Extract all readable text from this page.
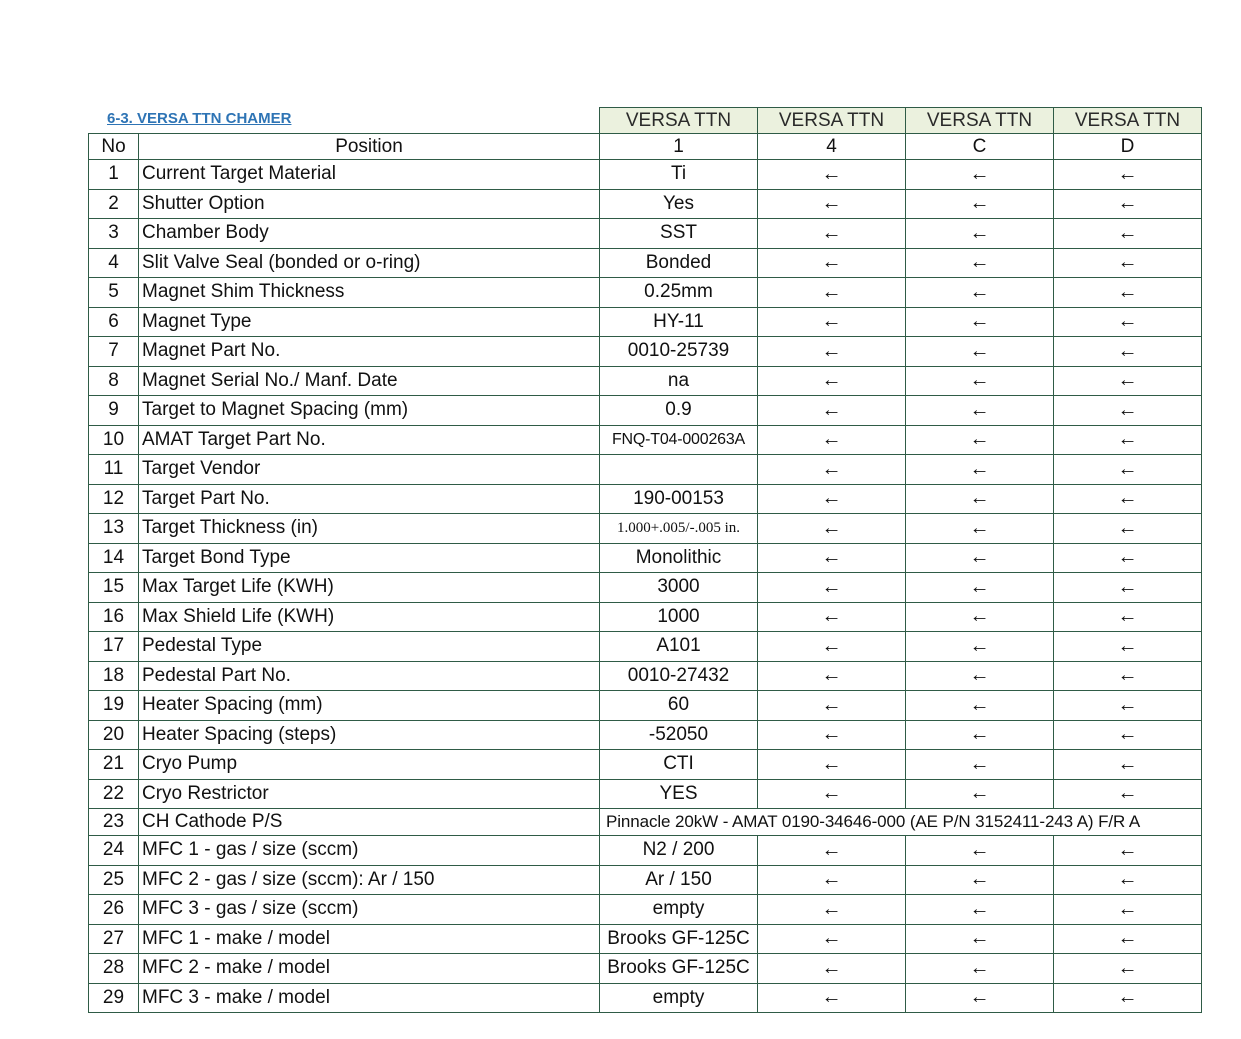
6-3. VERSA TTN CHAMER
			VERSA TTN	VERSA TTN	VERSA TTN	VERSA TTN
No	Position	1	4	C	D
1	Current Target Material	Ti	←	←	←
2	Shutter Option	Yes	←	←	←
3	Chamber Body	SST	←	←	←
4	Slit Valve Seal (bonded or o-ring)	Bonded	←	←	←
5	Magnet Shim Thickness	0.25mm	←	←	←
6	Magnet Type	HY-11	←	←	←
7	Magnet Part No.	0010-25739	←	←	←
8	Magnet Serial No./ Manf. Date	na	←	←	←
9	Target to Magnet Spacing (mm)	0.9	←	←	←
10	AMAT Target Part No.	FNQ-T04-000263A	←	←	←
11	Target Vendor		←	←	←
12	Target Part No.	190-00153	←	←	←
13	Target Thickness (in)	1.000+.005/-.005 in.	←	←	←
14	Target Bond Type	Monolithic	←	←	←
15	Max Target Life (KWH)	3000	←	←	←
16	Max Shield Life (KWH)	1000	←	←	←
17	Pedestal Type	A101	←	←	←
18	Pedestal Part No.	0010-27432	←	←	←
19	Heater Spacing (mm)	60	←	←	←
20	Heater Spacing (steps)	-52050	←	←	←
21	Cryo Pump	CTI	←	←	←
22	Cryo Restrictor	YES	←	←	←
23	CH Cathode P/S	Pinnacle 20kW - AMAT 0190-34646-000 (AE P/N 3152411-243 A) F/R A			
24	MFC 1 - gas / size (sccm)	N2 / 200	←	←	←
25	MFC 2 - gas / size (sccm): Ar / 150	Ar / 150	←	←	←
26	MFC 3 - gas / size (sccm)	empty	←	←	←
27	MFC 1 - make / model	Brooks GF-125C	←	←	←
28	MFC 2 - make / model	Brooks GF-125C	←	←	←
29	MFC 3 - make / model	empty	←	←	←
